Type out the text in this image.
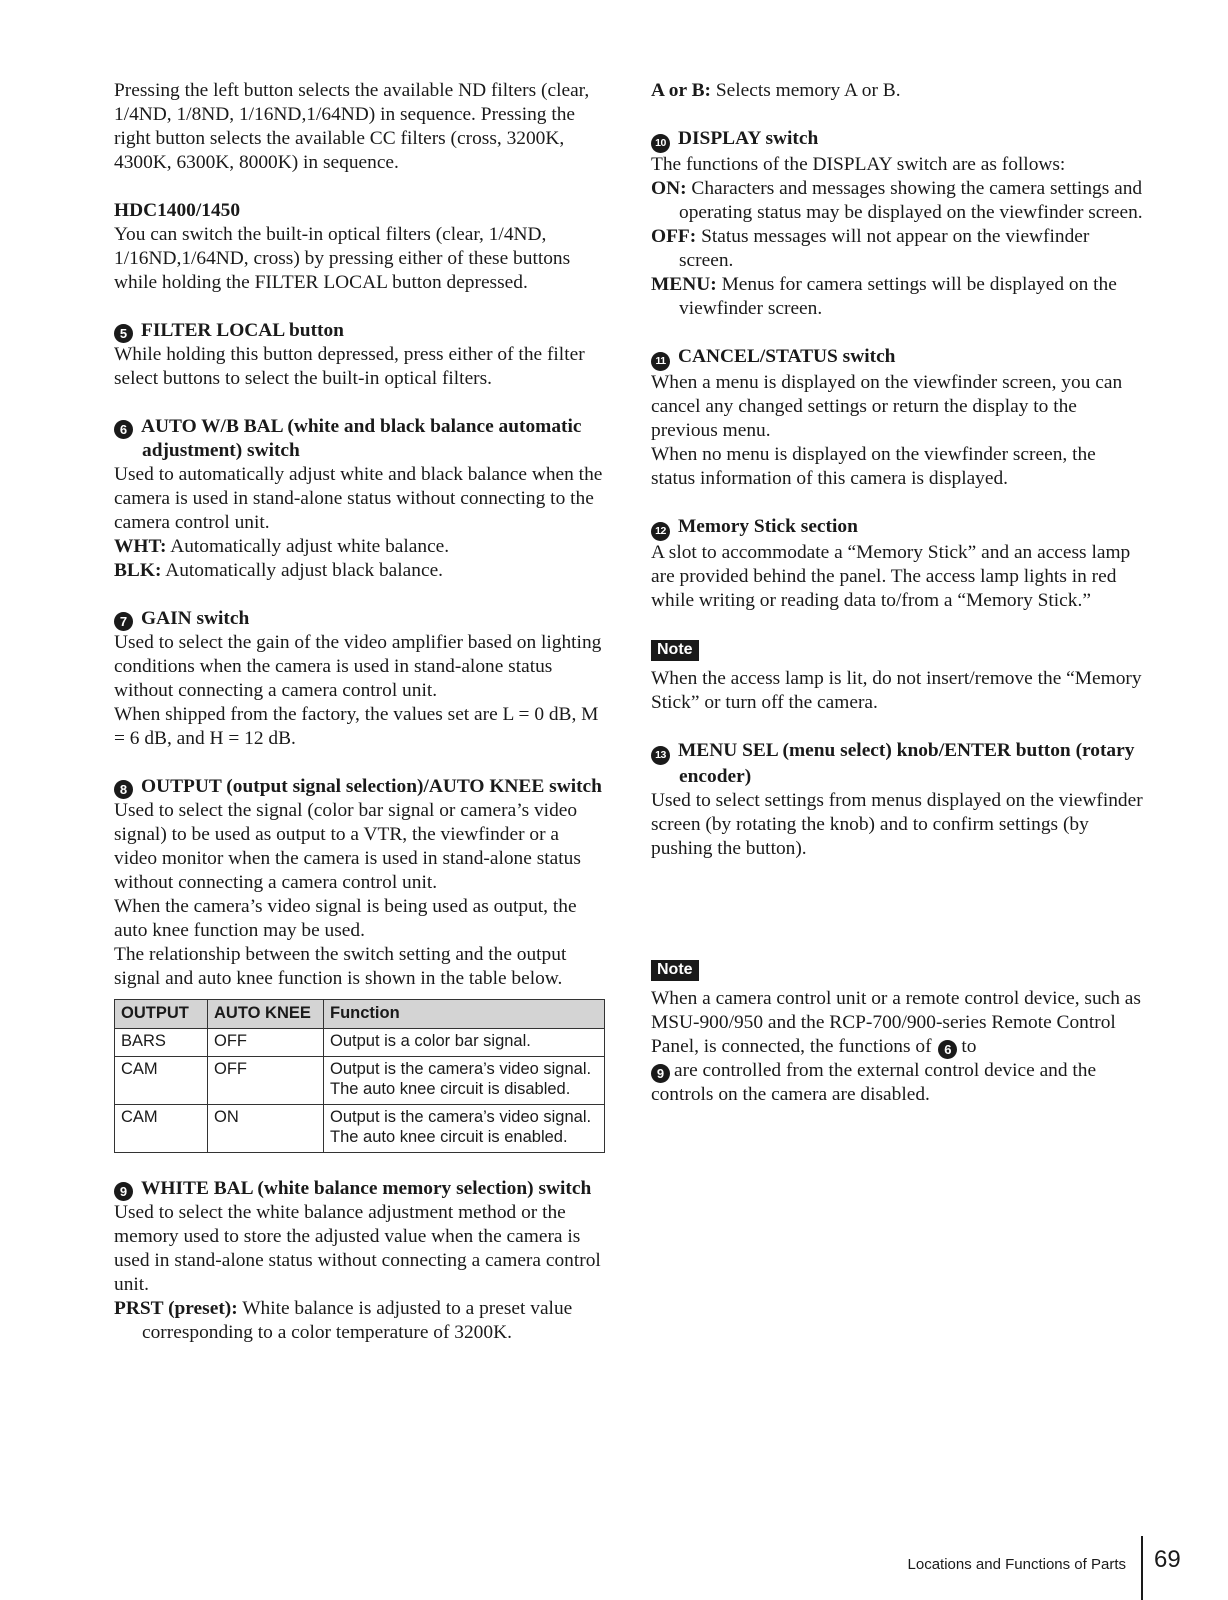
Pressing the left button selects the available ND filters (clear, 1/4ND, 1/8ND, 1/16ND,1/64ND) in sequence. Pressing the right button selects the available CC filters (cross, 3200K, 4300K, 6300K, 8000K) in sequence.

HDC1400/1450

You can switch the built-in optical filters (clear, 1/4ND, 1/16ND,1/64ND, cross) by pressing either of these buttons while holding the FILTER LOCAL button depressed.

5 FILTER LOCAL button

While holding this button depressed, press either of the filter select buttons to select the built-in optical filters.

6 AUTO W/B BAL (white and black balance automatic adjustment) switch

Used to automatically adjust white and black balance when the camera is used in stand-alone status without connecting to the camera control unit.

WHT: Automatically adjust white balance.

BLK: Automatically adjust black balance.

7 GAIN switch

Used to select the gain of the video amplifier based on lighting conditions when the camera is used in stand-alone status without connecting a camera control unit.

When shipped from the factory, the values set are L = 0 dB, M = 6 dB, and H = 12 dB.

8 OUTPUT (output signal selection)/AUTO KNEE switch

Used to select the signal (color bar signal or camera’s video signal) to be used as output to a VTR, the viewfinder or a video monitor when the camera is used in stand-alone status without connecting a camera control unit.

When the camera’s video signal is being used as output, the auto knee function may be used.

The relationship between the switch setting and the output signal and auto knee function is shown in the table below.

OUTPUT	AUTO KNEE	Function
BARS	OFF	Output is a color bar signal.
CAM	OFF	Output is the camera’s video signal. The auto knee circuit is disabled.
CAM	ON	Output is the camera’s video signal. The auto knee circuit is enabled.

9 WHITE BAL (white balance memory selection) switch

Used to select the white balance adjustment method or the memory used to store the adjusted value when the camera is used in stand-alone status without connecting a camera control unit.

PRST (preset): White balance is adjusted to a preset value corresponding to a color temperature of 3200K.

A or B: Selects memory A or B.

10 DISPLAY switch

The functions of the DISPLAY switch are as follows:

ON: Characters and messages showing the camera settings and operating status may be displayed on the viewfinder screen.

OFF: Status messages will not appear on the viewfinder screen.

MENU: Menus for camera settings will be displayed on the viewfinder screen.

11 CANCEL/STATUS switch

When a menu is displayed on the viewfinder screen, you can cancel any changed settings or return the display to the previous menu.

When no menu is displayed on the viewfinder screen, the status information of this camera is displayed.

12 Memory Stick section

A slot to accommodate a “Memory Stick” and an access lamp are provided behind the panel. The access lamp lights in red while writing or reading data to/from a “Memory Stick.”

Note

When the access lamp is lit, do not insert/remove the “Memory Stick” or turn off the camera.

13 MENU SEL (menu select) knob/ENTER button (rotary encoder)

Used to select settings from menus displayed on the viewfinder screen (by rotating the knob) and to confirm settings (by pushing the button).

Note

When a camera control unit or a remote control device, such as MSU-900/950 and the RCP-700/900-series Remote Control Panel, is connected, the functions of 6 to
9 are controlled from the external control device and the controls on the camera are disabled.

Locations and Functions of Parts 69
